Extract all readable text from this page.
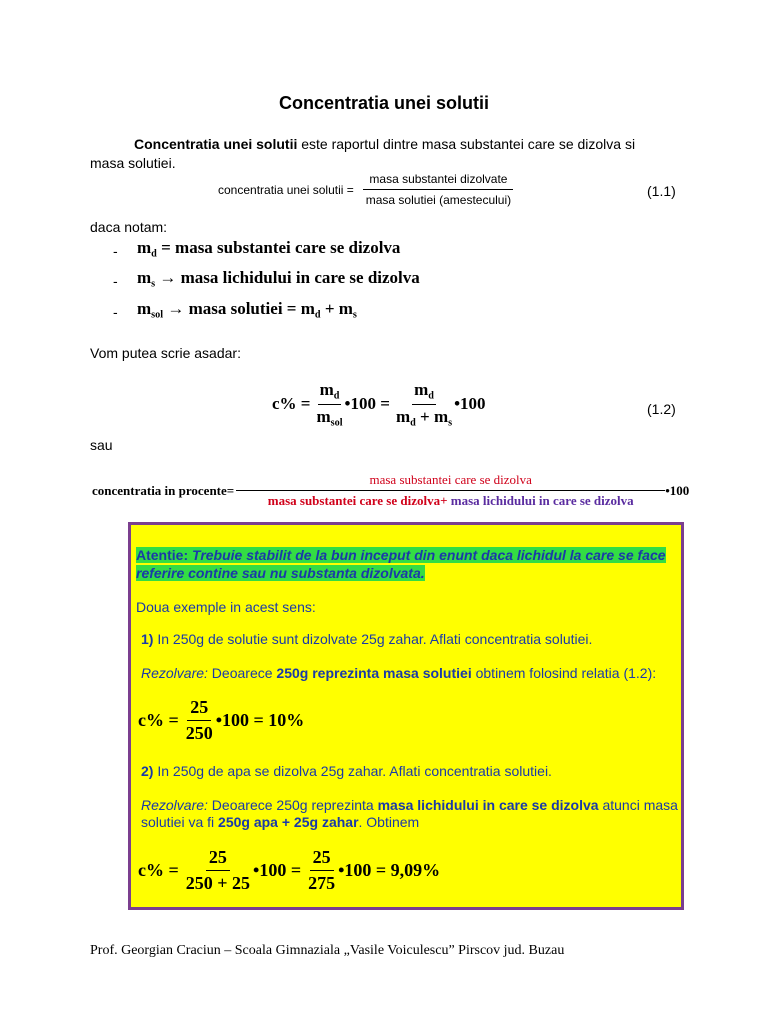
Concentratia unei solutii
Concentratia unei solutii este raportul dintre masa substantei care se dizolva si
masa solutiei.
concentratia unei solutii = $\frac{\text{masa substantei dizolvate}}{\text{masa solutiei (amestecului)}}$	(1.1)
daca notam:
- $m_d$ = masa substantei care se dizolva
- $m_s$ → masa lichidului in care se dizolva
- $m_{sol}$ → masa solutiei = $m_d + m_s$
Vom putea scrie asadar:
$c\% = \frac{m_d}{m_{sol}}$ •100 = $\frac{m_d}{m_d + m_s}$ •100	(1.2)
sau
concentratia in procente=
masa substantei care se dizolva
masa substantei care se dizolva+ masa lichidului in care se dizolva
•100
Atentie: Trebuie stabilit de la bun inceput din enunt daca lichidul la care se face
referire contine sau nu substanta dizolvata.
Doua exemple in acest sens:
1) In 250g de solutie sunt dizolvate 25g zahar. Aflati concentratia solutiei.
Rezolvare: Deoarece 250g reprezinta masa solutiei obtinem folosind relatia (1.2):
$c\% = \frac{25}{250}$ •100 = 10%
2) In 250g de apa se dizolva 25g zahar. Aflati concentratia solutiei.
Rezolvare: Deoarece 250g reprezinta masa lichidului in care se dizolva atunci masa
solutiei va fi 250g apa + 25g zahar. Obtinem
$c\% = \frac{25}{250 + 25}$ •100 = $\frac{25}{275}$ •100 = 9,09%
Prof. Georgian Craciun – Scoala Gimnaziala „Vasile Voiculescu” Pirscov jud. Buzau
